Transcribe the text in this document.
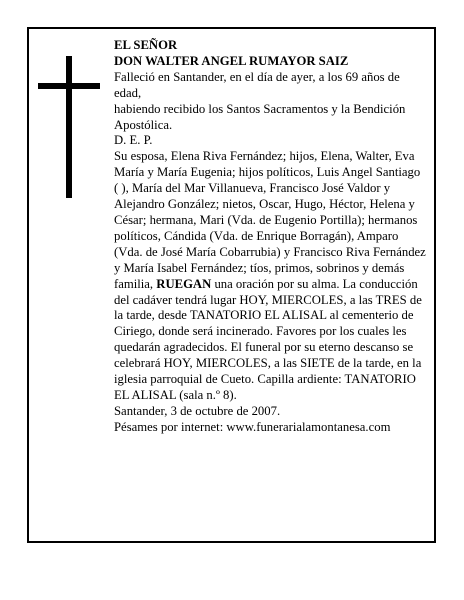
EL SEÑOR

DON WALTER ANGEL RUMAYOR SAIZ

Falleció en Santander, en el día de ayer, a los 69 años de edad,

habiendo recibido los Santos Sacramentos y la Bendición Apostólica.

D. E. P.

Su esposa, Elena Riva Fernández; hijos, Elena, Walter, Eva María y María Eugenia; hijos políticos, Luis Angel Santiago ( ), María del Mar Villanueva, Francisco José Valdor y Alejandro González; nietos, Oscar, Hugo, Héctor, Helena y César; hermana, Mari (Vda. de Eugenio Portilla); hermanos políticos, Cándida (Vda. de Enrique Borragán), Amparo (Vda. de José María Cobarrubia) y Francisco Riva Fernández y María Isabel Fernández; tíos, primos, sobrinos y demás familia, RUEGAN una oración por su alma. La conducción del cadáver tendrá lugar HOY, MIERCOLES, a las TRES de la tarde, desde TANATORIO EL ALISAL al cementerio de Ciriego, donde será incinerado. Favores por los cuales les quedarán agradecidos. El funeral por su eterno descanso se celebrará HOY, MIERCOLES, a las SIETE de la tarde, en la iglesia parroquial de Cueto. Capilla ardiente: TANATORIO EL ALISAL (sala n.º 8).

Santander, 3 de octubre de 2007.

Pésames por internet: www.funerarialamontanesa.com
